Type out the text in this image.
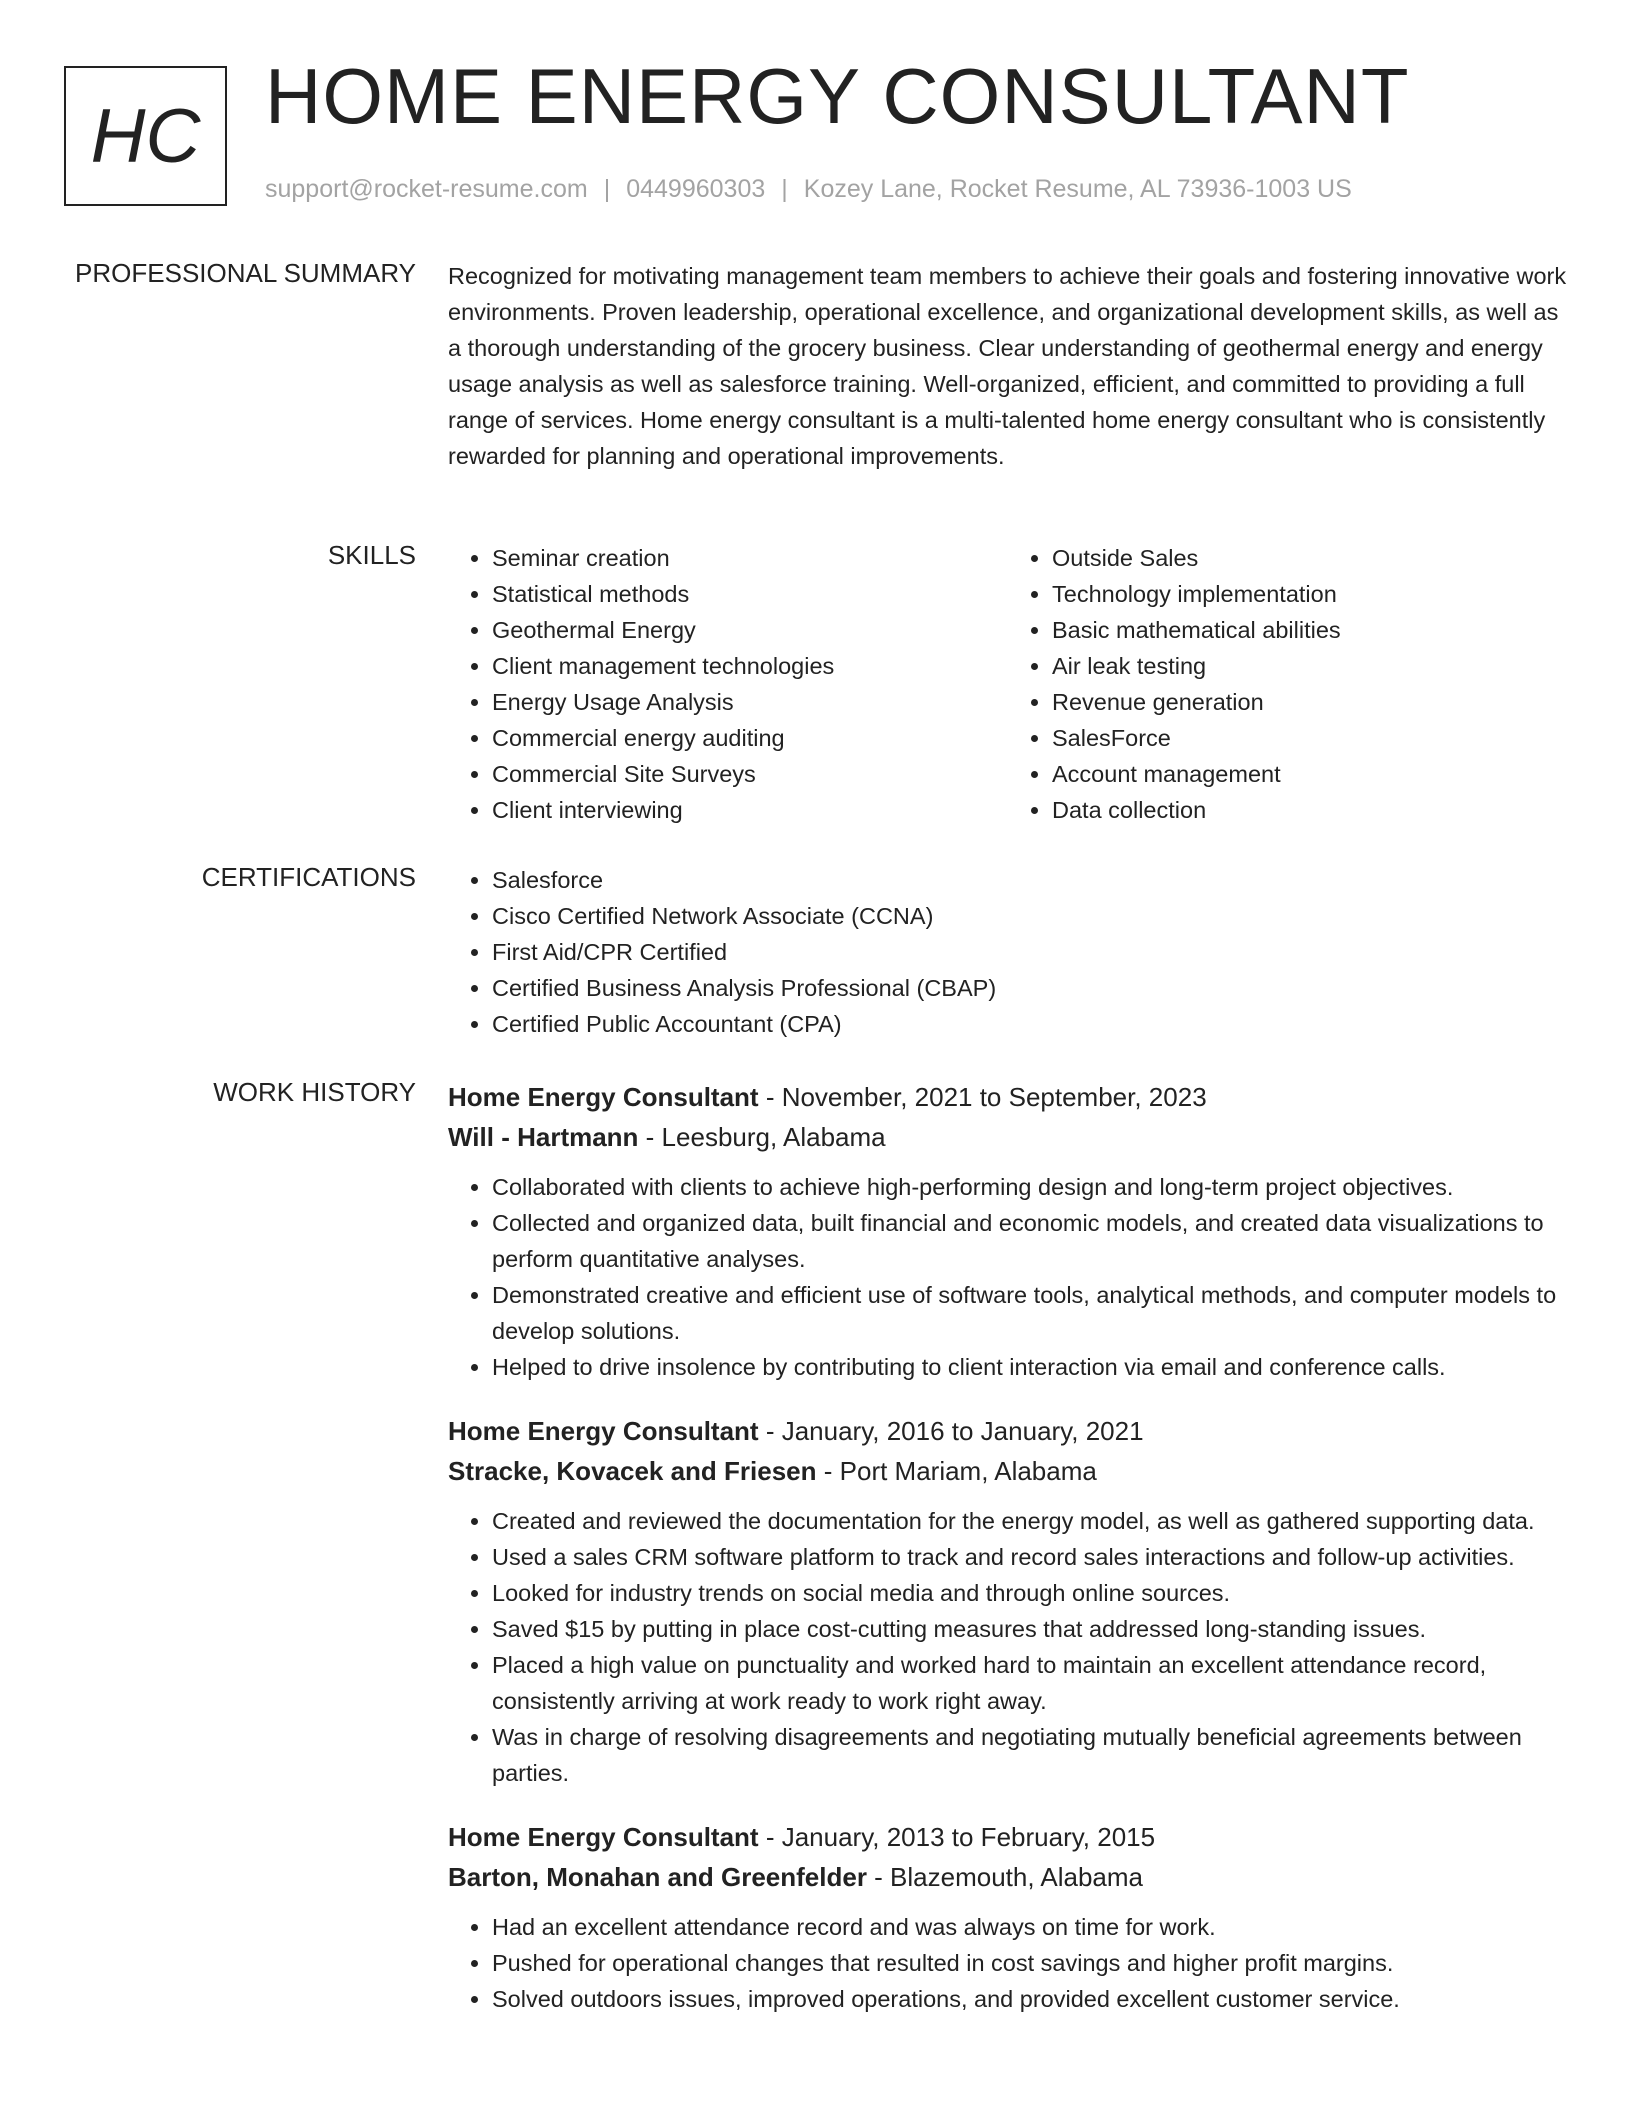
HC HOME ENERGY CONSULTANT
support@rocket-resume.com | 0449960303 | Kozey Lane, Rocket Resume, AL 73936-1003 US
PROFESSIONAL SUMMARY Recognized for motivating management team members to achieve their goals and fostering innovative work environments. Proven leadership, operational excellence, and organizational development skills, as well as a thorough understanding of the grocery business. Clear understanding of geothermal energy and energy usage analysis as well as salesforce training. Well-organized, efficient, and committed to providing a full range of services. Home energy consultant is a multi-talented home energy consultant who is consistently rewarded for planning and operational improvements.
SKILLS	• Seminar creation
• Statistical methods
• Geothermal Energy
• Client management technologies
• Energy Usage Analysis
• Commercial energy auditing
• Commercial Site Surveys
• Client interviewing
• Outside Sales
• Technology implementation
• Basic mathematical abilities
• Air leak testing
• Revenue generation
• SalesForce
• Account management
• Data collection
CERTIFICATIONS	• Salesforce
• Cisco Certified Network Associate (CCNA)
• First Aid/CPR Certified
• Certified Business Analysis Professional (CBAP)
• Certified Public Accountant (CPA)
WORK HISTORY Home Energy Consultant - November, 2021 to September, 2023
Will - Hartmann - Leesburg, Alabama
• Collaborated with clients to achieve high-performing design and long-term project objectives.
• Collected and organized data, built financial and economic models, and created data visualizations to perform quantitative analyses.
• Demonstrated creative and efficient use of software tools, analytical methods, and computer models to develop solutions.
• Helped to drive insolence by contributing to client interaction via email and conference calls.
Home Energy Consultant - January, 2016 to January, 2021
Stracke, Kovacek and Friesen - Port Mariam, Alabama
• Created and reviewed the documentation for the energy model, as well as gathered supporting data.
• Used a sales CRM software platform to track and record sales interactions and follow-up activities.
• Looked for industry trends on social media and through online sources.
• Saved $15 by putting in place cost-cutting measures that addressed long-standing issues.
• Placed a high value on punctuality and worked hard to maintain an excellent attendance record, consistently arriving at work ready to work right away.
• Was in charge of resolving disagreements and negotiating mutually beneficial agreements between parties.
Home Energy Consultant - January, 2013 to February, 2015
Barton, Monahan and Greenfelder - Blazemouth, Alabama
• Had an excellent attendance record and was always on time for work.
• Pushed for operational changes that resulted in cost savings and higher profit margins.
• Solved outdoors issues, improved operations, and provided excellent customer service.
